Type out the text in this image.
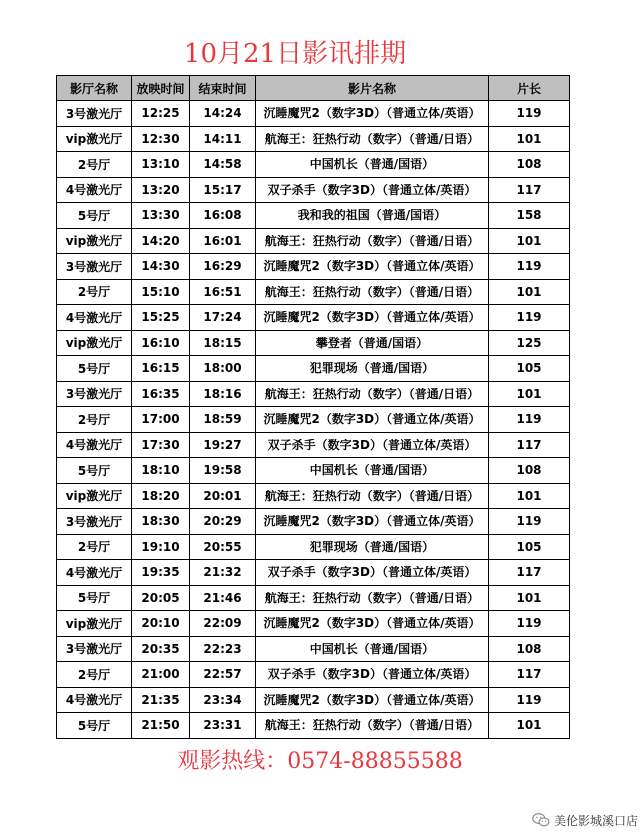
10月21日影讯排期
影厅名称	放映时间	结束时间	影片名称	片长
3号激光厅	12:25	14:24	沉睡魔咒2（数字3D）（普通立体/英语）	119
vip激光厅	12:30	14:11	航海王：狂热行动（数字）（普通/日语）	101
2号厅	13:10	14:58	中国机长（普通/国语）	108
4号激光厅	13:20	15:17	双子杀手（数字3D）（普通立体/英语）	117
5号厅	13:30	16:08	我和我的祖国（普通/国语）	158
vip激光厅	14:20	16:01	航海王：狂热行动（数字）（普通/日语）	101
3号激光厅	14:30	16:29	沉睡魔咒2（数字3D）（普通立体/英语）	119
2号厅	15:10	16:51	航海王：狂热行动（数字）（普通/日语）	101
4号激光厅	15:25	17:24	沉睡魔咒2（数字3D）（普通立体/英语）	119
vip激光厅	16:10	18:15	攀登者（普通/国语）	125
5号厅	16:15	18:00	犯罪现场（普通/国语）	105
3号激光厅	16:35	18:16	航海王：狂热行动（数字）（普通/日语）	101
2号厅	17:00	18:59	沉睡魔咒2（数字3D）（普通立体/英语）	119
4号激光厅	17:30	19:27	双子杀手（数字3D）（普通立体/英语）	117
5号厅	18:10	19:58	中国机长（普通/国语）	108
vip激光厅	18:20	20:01	航海王：狂热行动（数字）（普通/日语）	101
3号激光厅	18:30	20:29	沉睡魔咒2（数字3D）（普通立体/英语）	119
2号厅	19:10	20:55	犯罪现场（普通/国语）	105
4号激光厅	19:35	21:32	双子杀手（数字3D）（普通立体/英语）	117
5号厅	20:05	21:46	航海王：狂热行动（数字）（普通/日语）	101
vip激光厅	20:10	22:09	沉睡魔咒2（数字3D）（普通立体/英语）	119
3号激光厅	20:35	22:23	中国机长（普通/国语）	108
2号厅	21:00	22:57	双子杀手（数字3D）（普通立体/英语）	117
4号激光厅	21:35	23:34	沉睡魔咒2（数字3D）（普通立体/英语）	119
5号厅	21:50	23:31	航海王：狂热行动（数字）（普通/日语）	101
观影热线：0574-88855588
美伦影城溪口店
